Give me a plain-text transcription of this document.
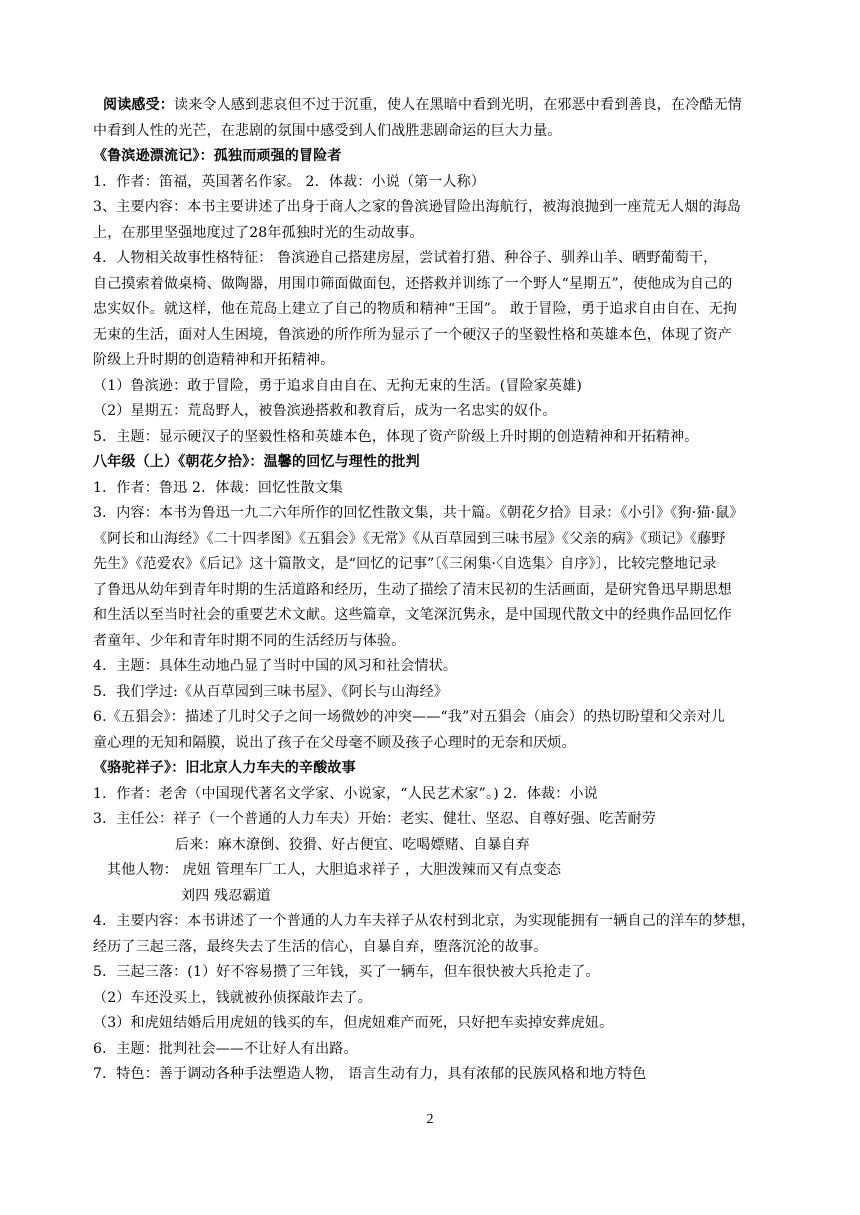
阅读感受：读来令人感到悲哀但不过于沉重，使人在黑暗中看到光明，在邪恶中看到善良，在冷酷无情
中看到人性的光芒，在悲剧的氛围中感受到人们战胜悲剧命运的巨大力量。
《鲁滨逊漂流记》：孤独而顽强的冒险者
1．作者：笛福，英国著名作家。 2．体裁：小说（第一人称）
3、主要内容：本书主要讲述了出身于商人之家的鲁滨逊冒险出海航行，被海浪抛到一座荒无人烟的海岛
上，在那里坚强地度过了28年孤独时光的生动故事。
4．人物相关故事性格特征： 鲁滨逊自己搭建房屋，尝试着打猎、种谷子、驯养山羊、晒野葡萄干，
自己摸索着做桌椅、做陶器，用围巾筛面做面包，还搭救并训练了一个野人“星期五”，使他成为自己的
忠实奴仆。就这样，他在荒岛上建立了自己的物质和精神“王国”。 敢于冒险，勇于追求自由自在、无拘
无束的生活，面对人生困境，鲁滨逊的所作所为显示了一个硬汉子的坚毅性格和英雄本色，体现了资产
阶级上升时期的创造精神和开拓精神。
（1）鲁滨逊：敢于冒险，勇于追求自由自在、无拘无束的生活。(冒险家英雄)
（2）星期五：荒岛野人，被鲁滨逊搭救和教育后，成为一名忠实的奴仆。
5．主题：显示硬汉子的坚毅性格和英雄本色，体现了资产阶级上升时期的创造精神和开拓精神。
八年级（上）《朝花夕拾》：温馨的回忆与理性的批判
1．作者：鲁迅 2．体裁：回忆性散文集
3．内容：本书为鲁迅一九二六年所作的回忆性散文集，共十篇。《朝花夕拾》目录：《小引》《狗·猫·鼠》
《阿长和山海经》《二十四孝图》《五猖会》《无常》《从百草园到三味书屋》《父亲的病》《琐记》《藤野
先生》《范爱农》《后记》这十篇散文，是“回忆的记事”〔《三闲集·〈自选集〉自序》〕，比较完整地记录
了鲁迅从幼年到青年时期的生活道路和经历，生动了描绘了清末民初的生活画面，是研究鲁迅早期思想
和生活以至当时社会的重要艺术文献。这些篇章，文笔深沉隽永，是中国现代散文中的经典作品回忆作
者童年、少年和青年时期不同的生活经历与体验。
4．主题：具体生动地凸显了当时中国的风习和社会情状。
5．我们学过:《从百草园到三味书屋》、《阿长与山海经》
6.《五猖会》：描述了儿时父子之间一场微妙的冲突——“我”对五猖会（庙会）的热切盼望和父亲对儿
童心理的无知和隔膜，说出了孩子在父母毫不顾及孩子心理时的无奈和厌烦。
《骆驼祥子》：旧北京人力车夫的辛酸故事
1．作者：老舍（中国现代著名文学家、小说家，“人民艺术家”。) 2．体裁：小说
3．主任公：祥子（一个普通的人力车夫）开始：老实、健壮、坚忍、自尊好强、吃苦耐劳
后来：麻木潦倒、狡猾、好占便宜、吃喝嫖赌、自暴自弃
其他人物： 虎妞 管理车厂工人，大胆追求祥子 ，大胆泼辣而又有点变态
刘四 残忍霸道
4．主要内容：本书讲述了一个普通的人力车夫祥子从农村到北京，为实现能拥有一辆自己的洋车的梦想，
经历了三起三落，最终失去了生活的信心，自暴自弃，堕落沉沦的故事。
5．三起三落：(1）好不容易攒了三年钱，买了一辆车，但车很快被大兵抢走了。
（2）车还没买上，钱就被孙侦探敲诈去了。
（3）和虎妞结婚后用虎妞的钱买的车，但虎妞难产而死，只好把车卖掉安葬虎妞。
6．主题：批判社会——不让好人有出路。
7．特色：善于调动各种手法塑造人物， 语言生动有力，具有浓郁的民族风格和地方特色
2
